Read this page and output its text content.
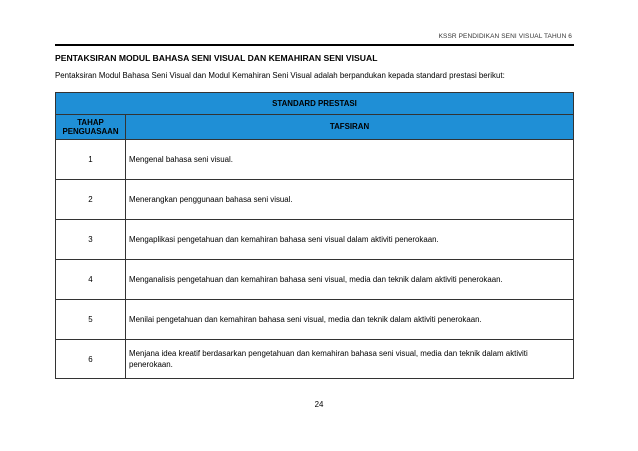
KSSR PENDIDIKAN SENI VISUAL TAHUN 6
PENTAKSIRAN MODUL BAHASA SENI VISUAL DAN KEMAHIRAN SENI VISUAL
Pentaksiran Modul Bahasa Seni Visual dan Modul Kemahiran Seni Visual adalah berpandukan kepada standard prestasi berikut:
STANDARD PRESTASI	
TAHAP
PENGUASAAN	TAFSIRAN
1	Mengenal bahasa seni visual.
2	Menerangkan penggunaan bahasa seni visual.
3	Mengaplikasi pengetahuan dan kemahiran bahasa seni visual dalam aktiviti penerokaan.
4	Menganalisis pengetahuan dan kemahiran bahasa seni visual, media dan teknik dalam aktiviti penerokaan.
5	Menilai pengetahuan dan kemahiran bahasa seni visual, media dan teknik dalam aktiviti penerokaan.
6	Menjana idea kreatif berdasarkan pengetahuan dan kemahiran bahasa seni visual, media dan teknik dalam aktiviti penerokaan.
24
